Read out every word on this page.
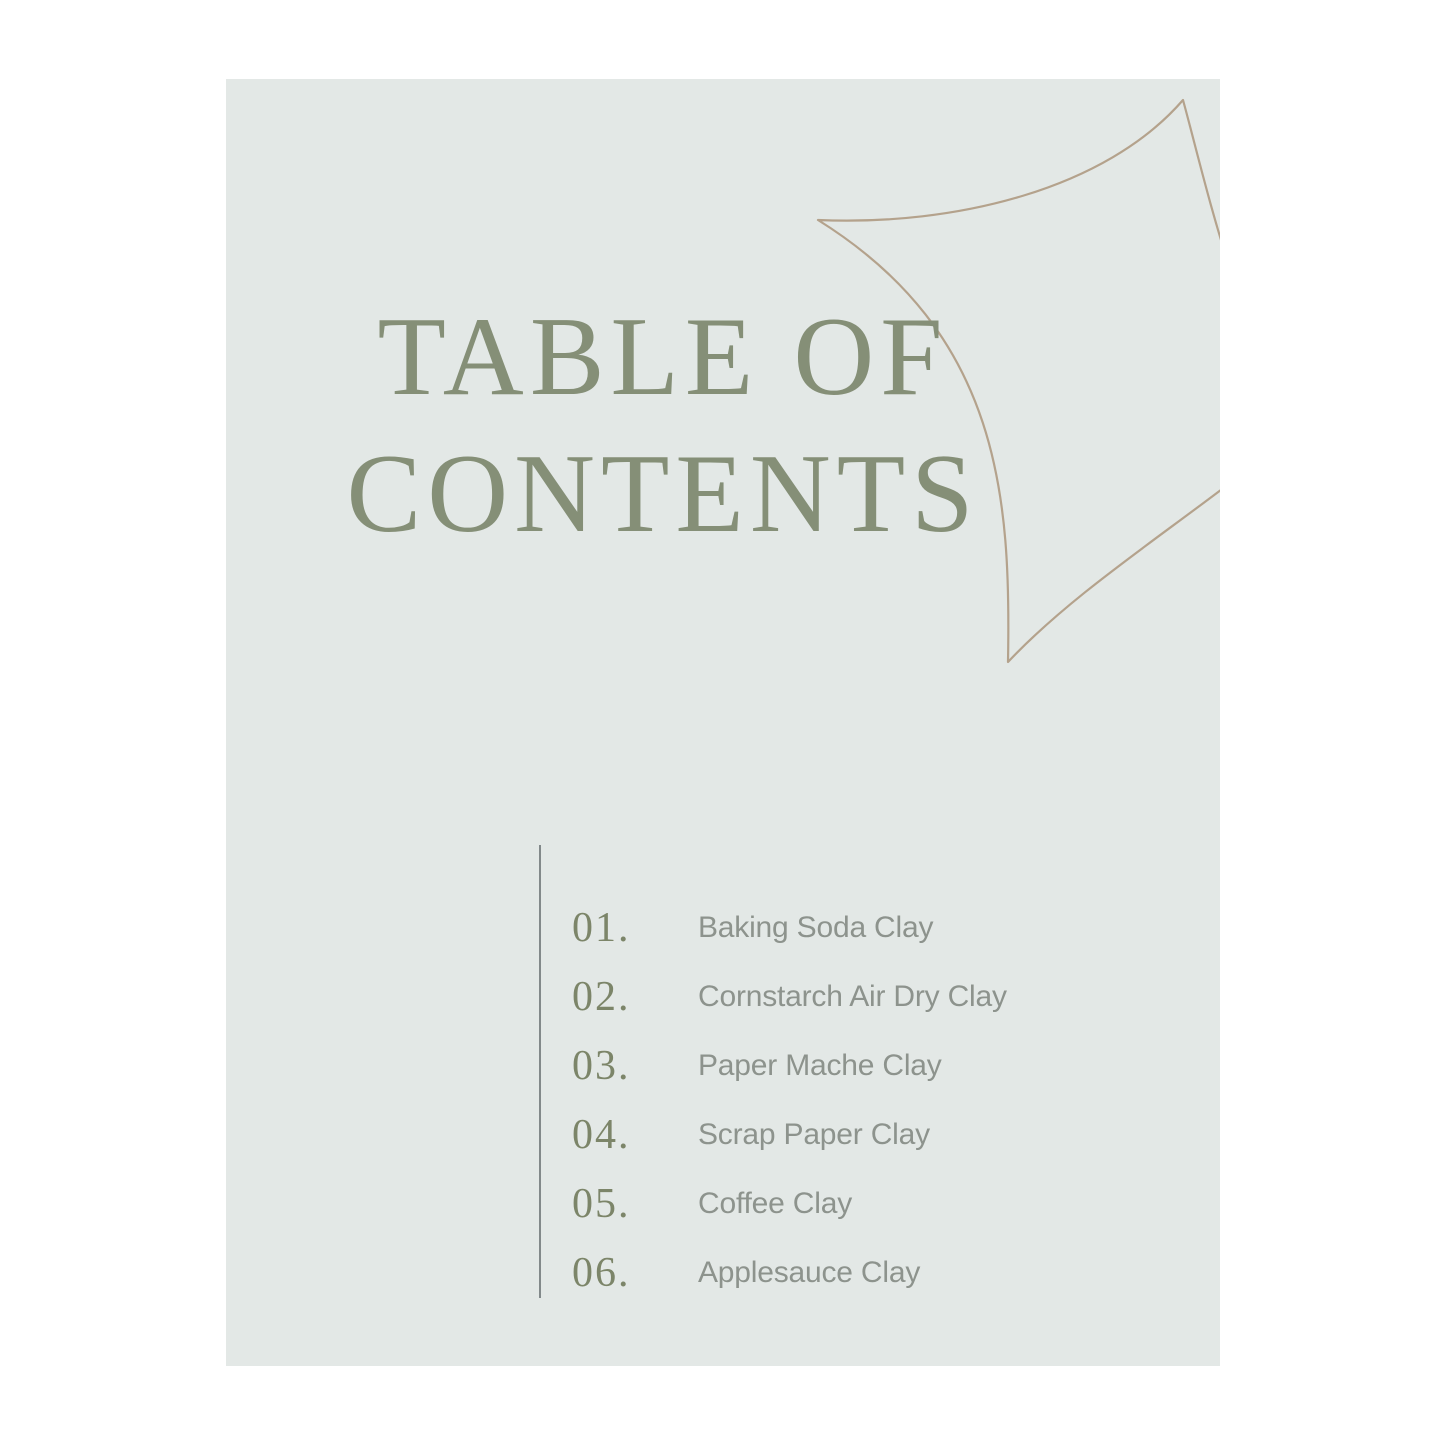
TABLE OF
CONTENTS
01.	Baking Soda Clay
02.	Cornstarch Air Dry Clay
03.	Paper Mache Clay
04.	Scrap Paper Clay
05.	Coffee Clay
06.	Applesauce Clay
